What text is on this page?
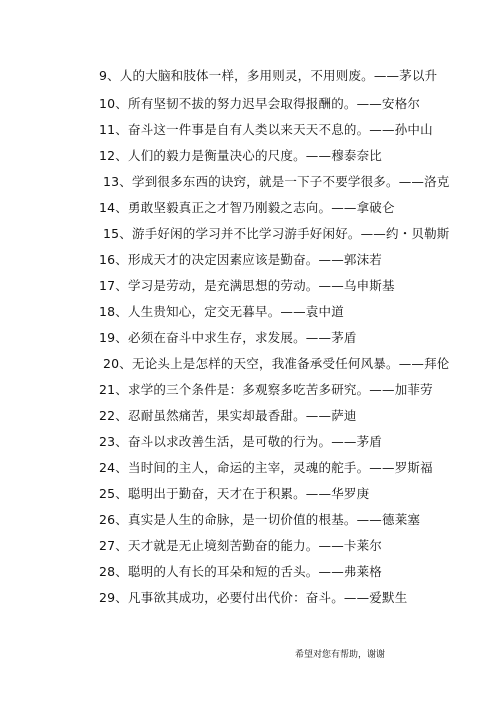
9、人的大脑和肢体一样，多用则灵，不用则废。——茅以升
10、所有坚韧不拔的努力迟早会取得报酬的。——安格尔
11、奋斗这一件事是自有人类以来天天不息的。——孙中山
12、人们的毅力是衡量决心的尺度。——穆泰奈比
13、学到很多东西的诀窍，就是一下子不要学很多。——洛克
14、勇敢坚毅真正之才智乃刚毅之志向。——拿破仑
15、游手好闲的学习并不比学习游手好闲好。——约・贝勒斯
16、形成天才的决定因素应该是勤奋。——郭沫若
17、学习是劳动，是充满思想的劳动。——乌申斯基
18、人生贵知心，定交无暮早。——袁中道
19、必须在奋斗中求生存，求发展。——茅盾
20、无论头上是怎样的天空，我准备承受任何风暴。——拜伦
21、求学的三个条件是：多观察多吃苦多研究。——加菲劳
22、忍耐虽然痛苦，果实却最香甜。——萨迪
23、奋斗以求改善生活，是可敬的行为。——茅盾
24、当时间的主人，命运的主宰，灵魂的舵手。——罗斯福
25、聪明出于勤奋，天才在于积累。——华罗庚
26、真实是人生的命脉，是一切价值的根基。——德莱塞
27、天才就是无止境刻苦勤奋的能力。——卡莱尔
28、聪明的人有长的耳朵和短的舌头。——弗莱格
29、凡事欲其成功，必要付出代价：奋斗。——爱默生
希望对您有帮助，谢谢
